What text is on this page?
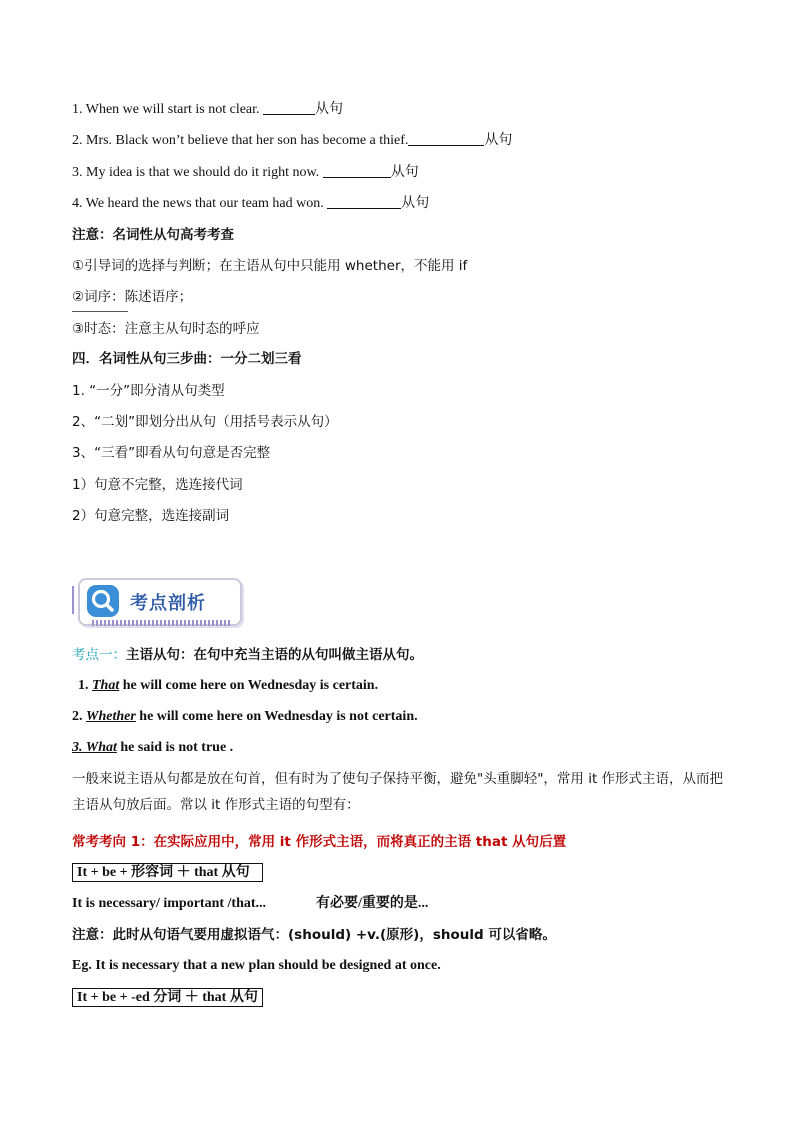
1. When we will start is not clear.	从句
2. Mrs. Black won’t believe that her son has become a thief.	从句
3. My idea is that we should do it right now.	从句
4. We heard the news that our team had won.	从句
注意：名词性从句高考考查
①引导词的选择与判断；在主语从句中只能用 whether，不能用 if
②词序：陈述语序；
③时态：注意主从句时态的呼应
四．名词性从句三步曲：一分二划三看
1. “一分”即分清从句类型
2、“二划”即划分出从句（用括号表示从句）
3、“三看”即看从句句意是否完整
1）句意不完整，选连接代词
2）句意完整，选连接副词
考点剖析
考点一：主语从句：在句中充当主语的从句叫做主语从句。
1. That he will come here on Wednesday is certain.
2. Whether he will come here on Wednesday is not certain.
3. What he said is not true .
一般来说主语从句都是放在句首，但有时为了使句子保持平衡，避免"头重脚轻"，常用 it 作形式主语，从而把主语从句放后面。常以 it 作形式主语的句型有：
常考考向 1：在实际应用中，常用 it 作形式主语，而将真正的主语 that 从句后置
It + be + 形容词 ＋ that 从句
It is necessary/ important /that...	有必要/重要的是...
注意：此时从句语气要用虚拟语气：(should) +v.(原形)，should 可以省略。
Eg. It is necessary that a new plan should be designed at once.
It + be + -ed 分词 ＋ that 从句
